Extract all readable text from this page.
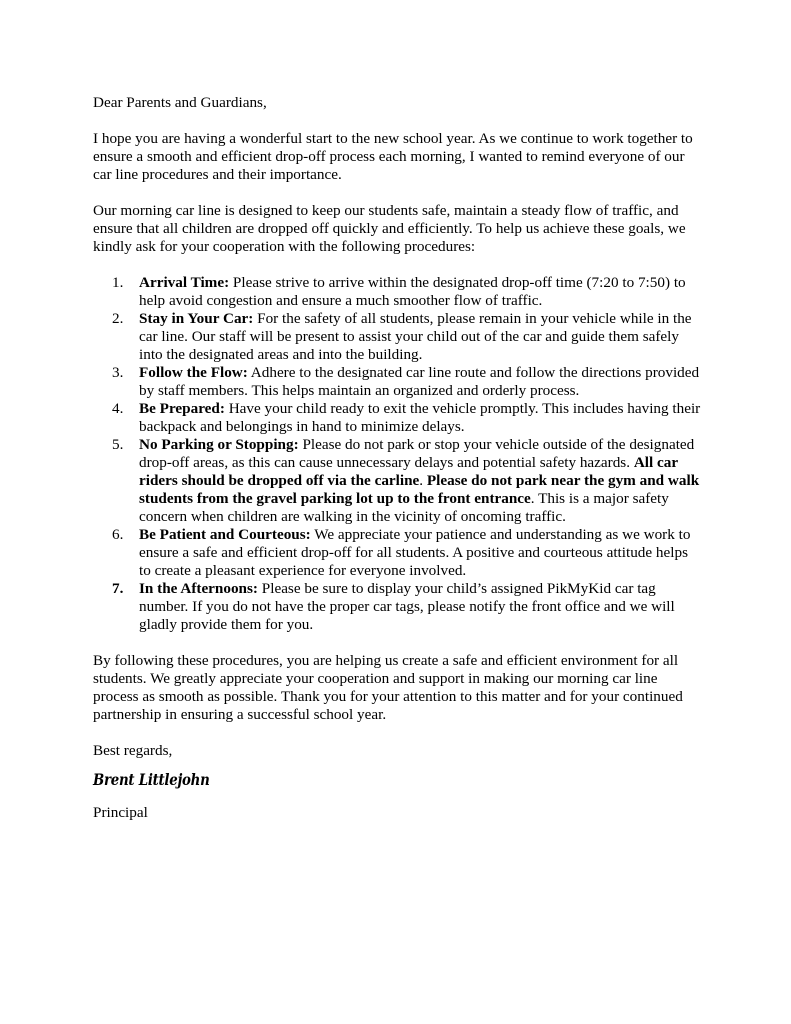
Dear Parents and Guardians,

I hope you are having a wonderful start to the new school year. As we continue to work together to ensure a smooth and efficient drop-off process each morning, I wanted to remind everyone of our car line procedures and their importance.

Our morning car line is designed to keep our students safe, maintain a steady flow of traffic, and ensure that all children are dropped off quickly and efficiently. To help us achieve these goals, we kindly ask for your cooperation with the following procedures:

1.	Arrival Time: Please strive to arrive within the designated drop-off time (7:20 to 7:50) to help avoid congestion and ensure a much smoother flow of traffic.
2.	Stay in Your Car: For the safety of all students, please remain in your vehicle while in the car line. Our staff will be present to assist your child out of the car and guide them safely into the designated areas and into the building.
3.	Follow the Flow: Adhere to the designated car line route and follow the directions provided by staff members. This helps maintain an organized and orderly process.
4.	Be Prepared: Have your child ready to exit the vehicle promptly. This includes having their backpack and belongings in hand to minimize delays.
5.	No Parking or Stopping: Please do not park or stop your vehicle outside of the designated drop-off areas, as this can cause unnecessary delays and potential safety hazards. All car riders should be dropped off via the carline. Please do not park near the gym and walk students from the gravel parking lot up to the front entrance. This is a major safety concern when children are walking in the vicinity of oncoming traffic.
6.	Be Patient and Courteous: We appreciate your patience and understanding as we work to ensure a safe and efficient drop-off for all students. A positive and courteous attitude helps to create a pleasant experience for everyone involved.
7.	In the Afternoons: Please be sure to display your child’s assigned PikMyKid car tag number. If you do not have the proper car tags, please notify the front office and we will gladly provide them for you.

By following these procedures, you are helping us create a safe and efficient environment for all students. We greatly appreciate your cooperation and support in making our morning car line process as smooth as possible. Thank you for your attention to this matter and for your continued partnership in ensuring a successful school year.

Best regards,

Brent Littlejohn

Principal
